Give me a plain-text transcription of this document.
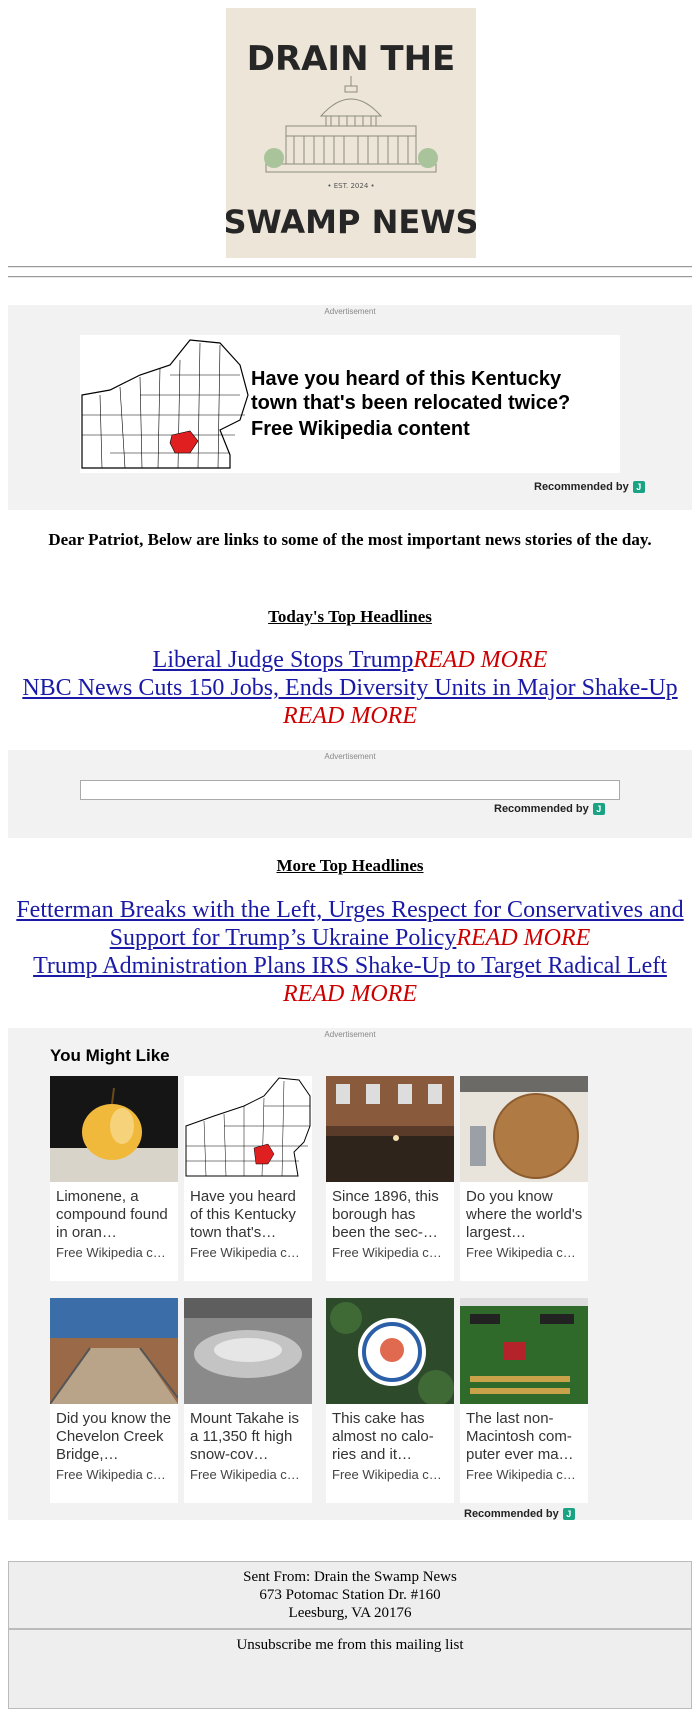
DRAIN THE
• EST. 2024 •
SWAMP NEWS
Advertisement
Have you heard of this Kentucky town that's been relocated twice?
Free Wikipedia content
Recommended by J
Dear Patriot, Below are links to some of the most important news stories of the day.
Today's Top Headlines
Liberal Judge Stops TrumpREAD MORE
NBC News Cuts 150 Jobs, Ends Diversity Units in Major Shake-Up
READ MORE
Advertisement
Recommended by J
More Top Headlines
Fetterman Breaks with the Left, Urges Respect for Conservatives and Support for Trump’s Ukraine PolicyREAD MORE
Trump Administration Plans IRS Shake-Up to Target Radical Left
READ MORE
Advertisement
You Might Like
Limonene, a compound found in oran…
Free Wikipedia c…
Have you heard of this Kentucky town that's…
Free Wikipedia c…
Since 1896, this borough has been the sec-…
Free Wikipedia c…
Do you know where the world's largest…
Free Wikipedia c…
Did you know the Chevelon Creek Bridge,…
Free Wikipedia c…
Mount Takahe is a 11,350 ft high snow-cov…
Free Wikipedia c…
This cake has almost no calo-ries and it…
Free Wikipedia c…
The last non-Macintosh com-puter ever ma…
Free Wikipedia c…
Recommended by J
Sent From: Drain the Swamp News
673 Potomac Station Dr. #160
Leesburg, VA 20176
Unsubscribe me from this mailing list
